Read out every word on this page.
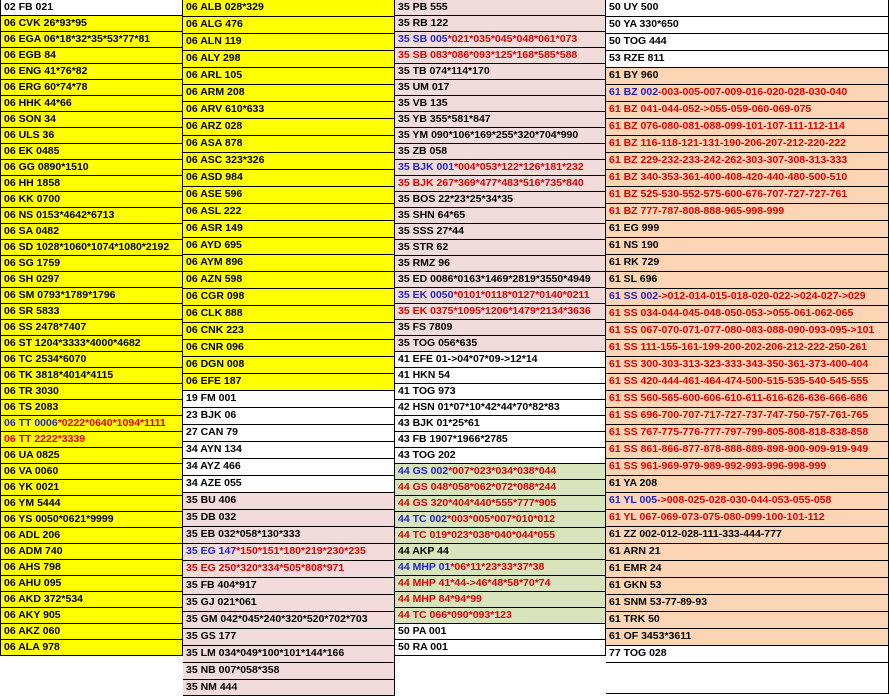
02 FB 021
06 CVK 26*93*95
06 EGA 06*18*32*35*53*77*81
06 EGB 84
06 ENG 41*76*82
06 ERG 60*74*78
06 HHK 44*66
06 SON 34
06 ULS 36
06 EK 0485
06 GG 0890*1510
06 HH 1858
06 KK 0700
06 NS 0153*4642*6713
06 SA 0482
06 SD 1028*1060*1074*1080*2192
06 SG 1759
06 SH 0297
06 SM 0793*1789*1796
06 SR 5833
06 SS 2478*7407
06 ST 1204*3333*4000*4682
06 TC 2534*6070
06 TK 3818*4014*4115
06 TR 3030
06 TS 2083
06 TT 0006*0222*0640*1094*1111
06 TT 2222*3339
06 UA 0825
06 VA 0060
06 YK 0021
06 YM 5444
06 YS 0050*0621*9999
06 ADL 206
06 ADM 740
06 AHS 798
06 AHU 095
06 AKD 372*534
06 AKY 905
06 AKZ 060
06 ALA 978
06 ALB 028*329
06 ALG 476
06 ALN 119
06 ALY 298
06 ARL 105
06 ARM 208
06 ARV 610*633
06 ARZ 028
06 ASA 878
06 ASC 323*326
06 ASD 984
06 ASE 596
06 ASL 222
06 ASR 149
06 AYD 695
06 AYM 896
06 AZN 598
06 CGR 098
06 CLK 888
06 CNK 223
06 CNR 096
06 DGN 008
06 EFE 187
19 FM 001
23 BJK 06
27 CAN 79
34 AYN 134
34 AYZ 466
34 AZE 055
35 BU 406
35 DB 032
35 EB 032*058*130*333
35 EG 147*150*151*180*219*230*235
35 EG 250*320*334*505*808*971
35 FB 404*917
35 GJ 021*061
35 GM 042*045*240*320*520*702*703
35 GS 177
35 LM 034*049*100*101*144*166
35 NB 007*058*358
35 NM 444
35 PB 555
35 RB 122
35 SB 005*021*035*045*048*061*073
35 SB 083*086*093*125*168*585*588
35 TB 074*114*170
35 UM 017
35 VB 135
35 YB 355*581*847
35 YM 090*106*169*255*320*704*990
35 ZB 058
35 BJK 001*004*053*122*126*181*232
35 BJK 267*369*477*483*516*735*840
35 BOS 22*23*25*34*35
35 SHN 64*65
35 SSS 27*44
35 STR 62
35 RMZ 96
35 ED 0086*0163*1469*2819*3550*4949
35 EK 0050*0101*0118*0127*0140*0211
35 EK 0375*1095*1206*1479*2134*3636
35 FS 7809
35 TOG 056*635
41 EFE 01->04*07*09->12*14
41 HKN 54
41 TOG 973
42 HSN 01*07*10*42*44*70*82*83
43 BJK 01*25*61
43 FB 1907*1966*2785
43 TOG 202
44 GS 002*007*023*034*038*044
44 GS 048*058*062*072*088*244
44 GS 320*404*440*555*777*905
44 TC 002*003*005*007*010*012
44 TC 019*023*038*040*044*055
44 AKP 44
44 MHP 01*06*11*23*33*37*38
44 MHP 41*44->46*48*58*70*74
44 MHP 84*94*99
44 TC 066*090*093*123
50 PA 001
50 RA 001
50 UY 500
50 YA 330*650
50 TOG 444
53 RZE 811
61 BY 960
61 BZ 002-003-005-007-009-016-020-028-030-040
61 BZ 041-044-052->055-059-060-069-075
61 BZ 076-080-081-088-099-101-107-111-112-114
61 BZ 116-118-121-131-190-206-207-212-220-222
61 BZ 229-232-233-242-262-303-307-308-313-333
61 BZ 340-353-361-400-408-420-440-480-500-510
61 BZ 525-530-552-575-600-676-707-727-727-761
61 BZ 777-787-808-888-965-998-999
61 EG 999
61 NS 190
61 RK 729
61 SL 696
61 SS 002->012-014-015-018-020-022->024-027->029
61 SS 034-044-045-048-050-053->055-061-062-065
61 SS 067-070-071-077-080-083-088-090-093-095->101
61 SS 111-155-161-199-200-202-206-212-222-250-261
61 SS 300-303-313-323-333-343-350-361-373-400-404
61 SS 420-444-461-464-474-500-515-535-540-545-555
61 SS 560-565-600-606-610-611-616-626-636-666-686
61 SS 696-700-707-717-727-737-747-750-757-761-765
61 SS 767-775-776-777-797-799-805-808-818-838-858
61 SS 861-866-877-878-888-889-898-900-909-919-949
61 SS 961-969-979-989-992-993-996-998-999
61 YA 208
61 YL 005->008-025-028-030-044-053-055-058
61 YL 067-069-073-075-080-099-100-101-112
61 ZZ 002-012-028-111-333-444-777
61 ARN 21
61 EMR 24
61 GKN 53
61 SNM 53-77-89-93
61 TRK 50
61 OF 3453*3611
77 TOG 028
